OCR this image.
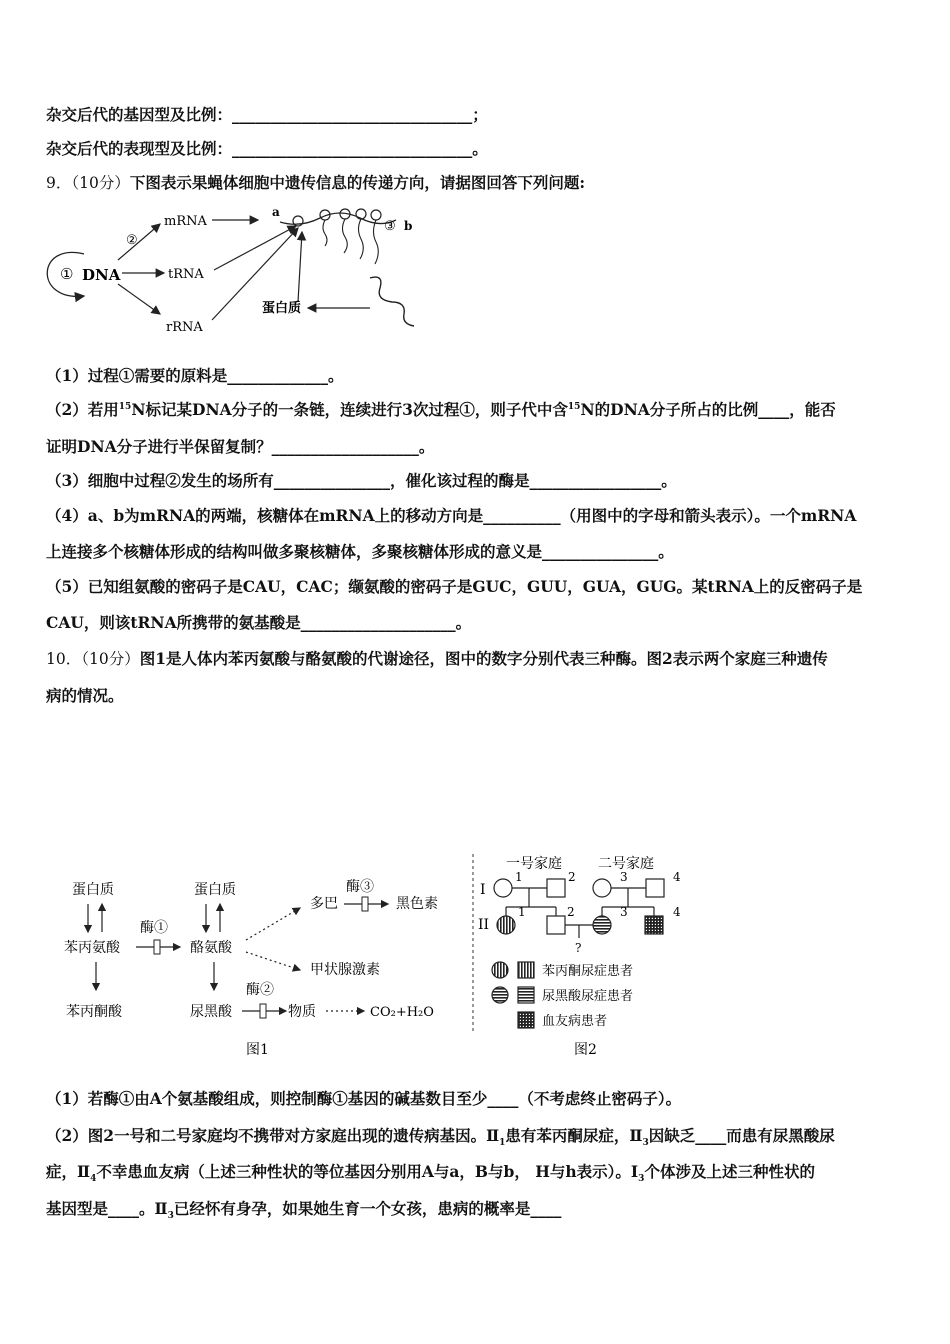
杂交后代的基因型及比例：_______________________________；
杂交后代的表现型及比例：_______________________________。
9．（10分）下图表示果蝇体细胞中遗传信息的传递方向，请据图回答下列问题:
① DNA
②
mRNA
tRNA
rRNA
a
③ b
蛋白质
（1）过程①需要的原料是_____________。
（2）若用$^{15}$N标记某DNA分子的一条链，连续进行3次过程①，则子代中含$^{15}$N的DNA分子所占的比例____，能否
证明DNA分子进行半保留复制？___________________。
（3）细胞中过程②发生的场所有_______________，催化该过程的酶是_________________。
（4）a、b为mRNA的两端，核糖体在mRNA上的移动方向是__________（用图中的字母和箭头表示）。一个mRNA
上连接多个核糖体形成的结构叫做多聚核糖体，多聚核糖体形成的意义是_______________。
（5）已知组氨酸的密码子是CAU，CAC；缬氨酸的密码子是GUC，GUU，GUA，GUG。某tRNA上的反密码子是
CAU，则该tRNA所携带的氨基酸是____________________。
10．（10分）图1是人体内苯丙氨酸与酪氨酸的代谢途径，图中的数字分别代表三种酶。图2表示两个家庭三种遗传
病的情况。
蛋白质
苯丙氨酸
苯丙酮酸
酶①
蛋白质
酪氨酸
尿黑酸
酶②
物质	CO₂+H₂O
多巴
酶③
黑色素
甲状腺激素
图1
一号家庭	二号家庭
I
II
1	2
1	2
3	4
3	4
?
苯丙酮尿症患者
尿黑酸尿症患者
血友病患者
图2
（1）若酶①由A个氨基酸组成，则控制酶①基因的碱基数目至少____（不考虑终止密码子）。
（2）图2一号和二号家庭均不携带对方家庭出现的遗传病基因。$Ⅱ_1$患有苯丙酮尿症，$Ⅱ_3$因缺乏____而患有尿黑酸尿
症，$Ⅱ_4$不幸患血友病（上述三种性状的等位基因分别用A与a，B与b， H与h表示）。$I_3$个体涉及上述三种性状的
基因型是____。$Ⅱ_3$已经怀有身孕，如果她生育一个女孩，患病的概率是____
